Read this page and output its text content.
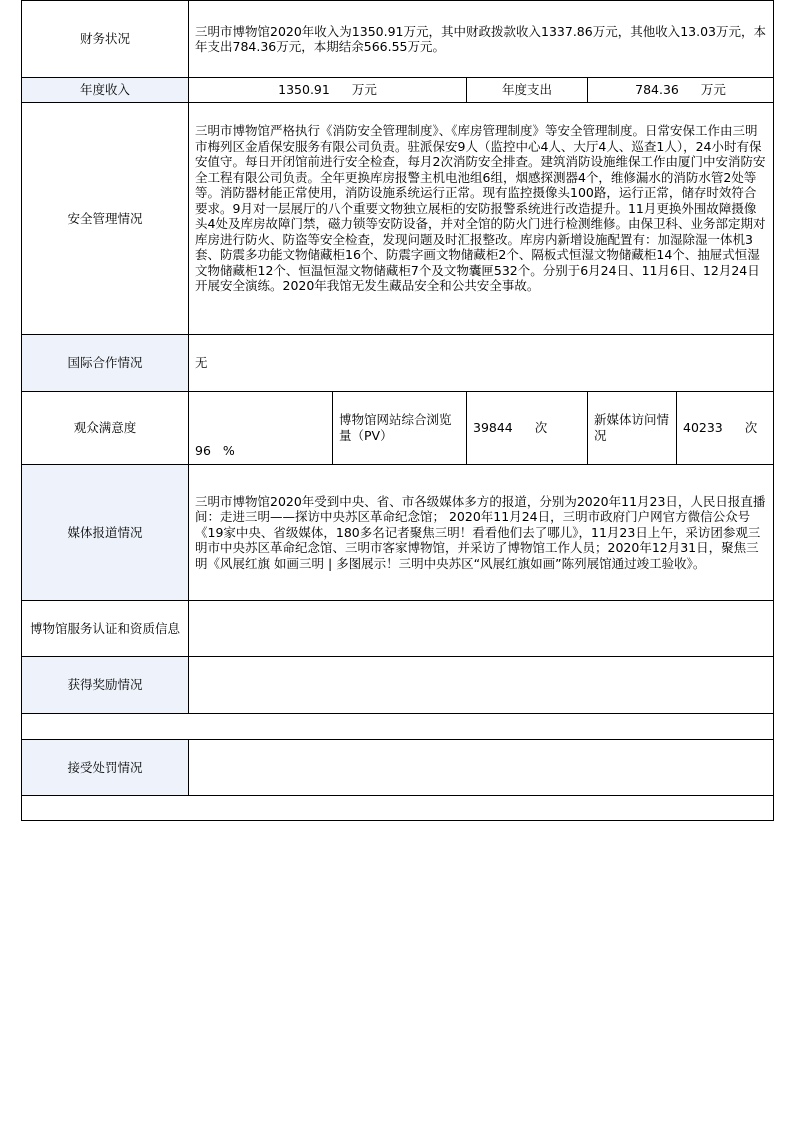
财务状况	三明市博物馆2020年收入为1350.91万元，其中财政拨款收入1337.86万元，其他收入13.03万元，本年支出784.36万元，本期结余566.55万元。				
年度收入	1350.91 万元		年度支出	784.36 万元	
安全管理情况	三明市博物馆严格执行《消防安全管理制度》、《库房管理制度》等安全管理制度。日常安保工作由三明市梅列区金盾保安服务有限公司负责。驻派保安9人（监控中心4人、大厅4人、巡查1人），24小时有保安值守。每日开闭馆前进行安全检查，每月2次消防安全排查。建筑消防设施维保工作由厦门中安消防安全工程有限公司负责。全年更换库房报警主机电池组6组，烟感探测器4个，维修漏水的消防水管2处等等。消防器材能正常使用，消防设施系统运行正常。现有监控摄像头100路，运行正常，储存时效符合要求。9月对一层展厅的八个重要文物独立展柜的安防报警系统进行改造提升。11月更换外围故障摄像头4处及库房故障门禁，磁力锁等安防设备，并对全馆的防火门进行检测维修。由保卫科、业务部定期对库房进行防火、防盗等安全检查，发现问题及时汇报整改。库房内新增设施配置有：加湿除湿一体机3套、防震多功能文物储藏柜16个、防震字画文物储藏柜2个、隔板式恒湿文物储藏柜14个、抽屉式恒湿文物储藏柜12个、恒温恒湿文物储藏柜7个及文物囊匣532个。分别于6月24日、11月6日、12月24日开展安全演练。2020年我馆无发生藏品安全和公共安全事故。				
国际合作情况	无				
观众满意度	96 %	博物馆网站综合浏览量（PV）	39844 次	新媒体访问情况	40233 次
媒体报道情况	三明市博物馆2020年受到中央、省、市各级媒体多方的报道，分别为2020年11月23日，人民日报直播间：走进三明——探访中央苏区革命纪念馆； 2020年11月24日，三明市政府门户网官方微信公众号《19家中央、省级媒体，180多名记者聚焦三明！看看他们去了哪儿》，11月23日上午，采访团参观三明市中央苏区革命纪念馆、三明市客家博物馆，并采访了博物馆工作人员；2020年12月31日，聚焦三明《风展红旗 如画三明 | 多图展示！三明中央苏区“风展红旗如画”陈列展馆通过竣工验收》。				
博物馆服务认证和资质信息					
获得奖励情况					

接受处罚情况					
